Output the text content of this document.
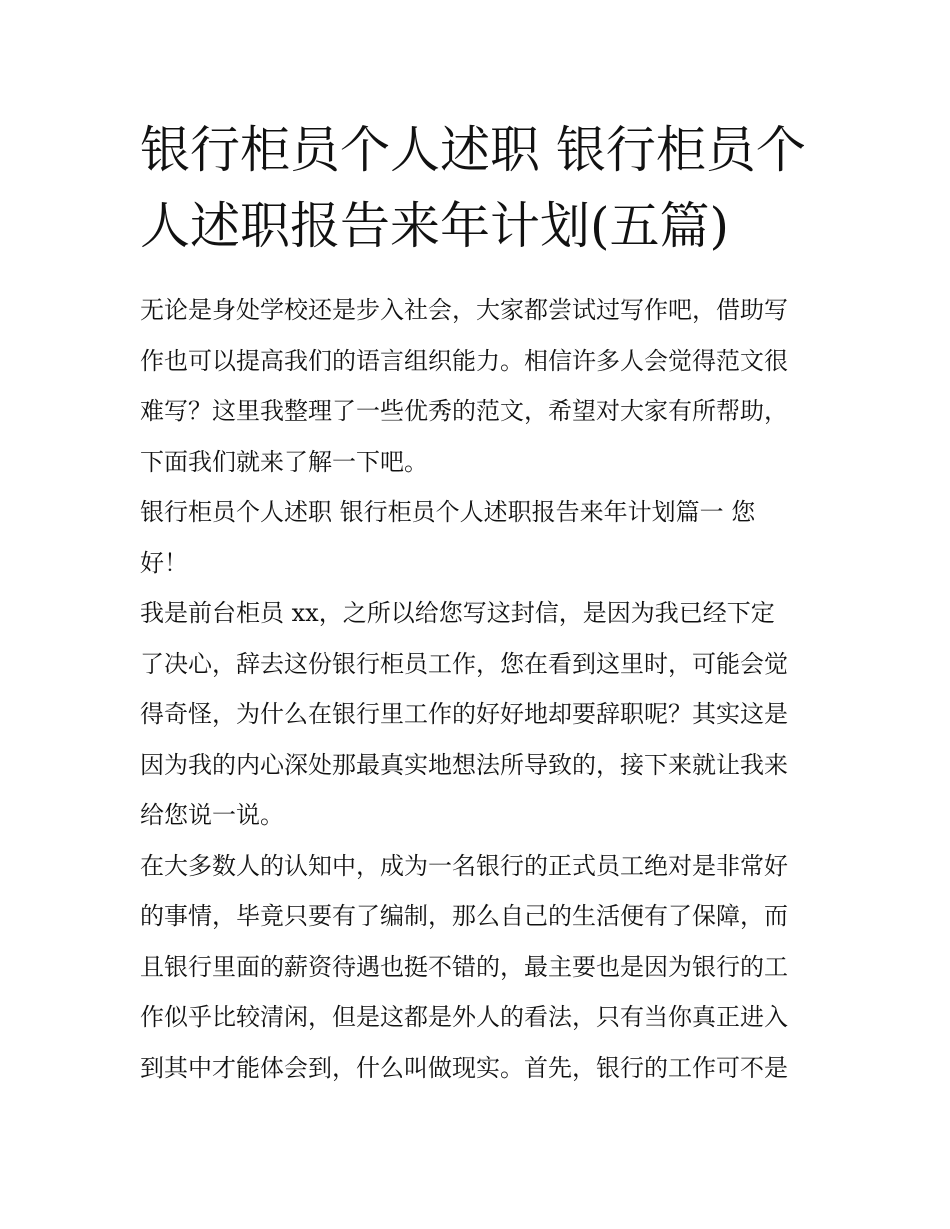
银行柜员个人述职 银行柜员个
人述职报告来年计划(五篇)
无论是身处学校还是步入社会，大家都尝试过写作吧，借助写
作也可以提高我们的语言组织能力。相信许多人会觉得范文很
难写？这里我整理了一些优秀的范文，希望对大家有所帮助，
下面我们就来了解一下吧。
银行柜员个人述职 银行柜员个人述职报告来年计划篇一 您
好！
我是前台柜员 xx，之所以给您写这封信，是因为我已经下定
了决心，辞去这份银行柜员工作，您在看到这里时，可能会觉
得奇怪，为什么在银行里工作的好好地却要辞职呢？其实这是
因为我的内心深处那最真实地想法所导致的，接下来就让我来
给您说一说。
在大多数人的认知中，成为一名银行的正式员工绝对是非常好
的事情，毕竟只要有了编制，那么自己的生活便有了保障，而
且银行里面的薪资待遇也挺不错的，最主要也是因为银行的工
作似乎比较清闲，但是这都是外人的看法，只有当你真正进入
到其中才能体会到，什么叫做现实。首先，银行的工作可不是
